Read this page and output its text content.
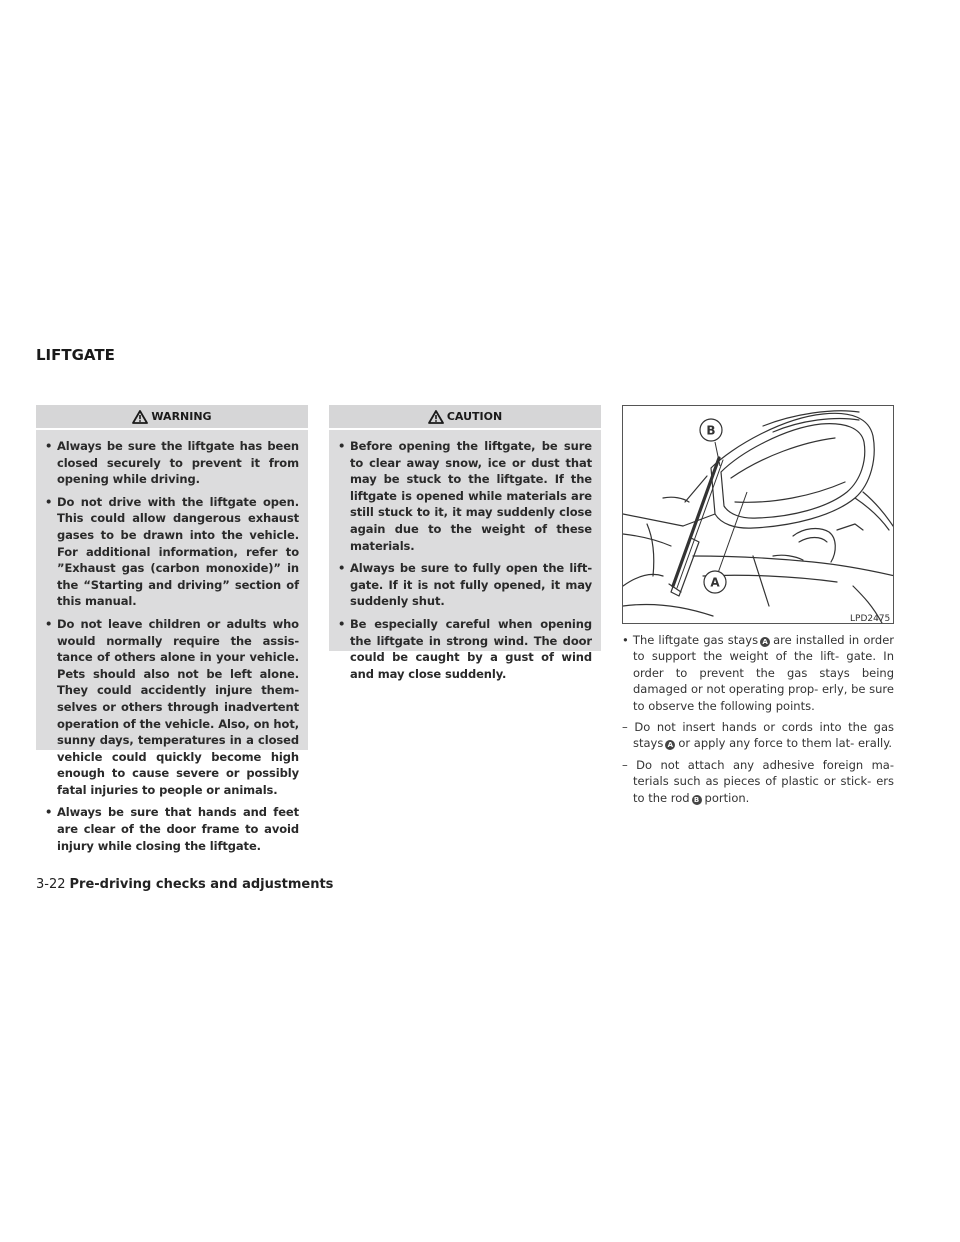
LIFTGATE
WARNING
• Always be sure the liftgate has been closed securely to prevent it from opening while driving.
• Do not drive with the liftgate open. This could allow dangerous exhaust gases to be drawn into the vehicle. For additional information, refer to ”Exhaust gas (carbon monoxide)” in the “Starting and driving” section of this manual.
• Do not leave children or adults who would normally require the assis- tance of others alone in your vehicle. Pets should also not be left alone. They could accidently injure them- selves or others through inadvertent operation of the vehicle. Also, on hot, sunny days, temperatures in a closed vehicle could quickly become high enough to cause severe or possibly fatal injuries to people or animals.
• Always be sure that hands and feet are clear of the door frame to avoid injury while closing the liftgate.
CAUTION
• Before opening the liftgate, be sure to clear away snow, ice or dust that may be stuck to the liftgate. If the liftgate is opened while materials are still stuck to it, it may suddenly close again due to the weight of these materials.
• Always be sure to fully open the lift- gate. If it is not fully opened, it may suddenly shut.
• Be especially careful when opening the liftgate in strong wind. The door could be caught by a gust of wind and may close suddenly.
B
A
LPD2475

• The liftgate gas stays A are installed in order to support the weight of the lift- gate. In order to prevent the gas stays being damaged or not operating prop- erly, be sure to observe the following points.

– Do not insert hands or cords into the gas stays A or apply any force to them lat- erally.

– Do not attach any adhesive foreign ma- terials such as pieces of plastic or stick- ers to the rod B portion.

3-22 Pre-driving checks and adjustments
